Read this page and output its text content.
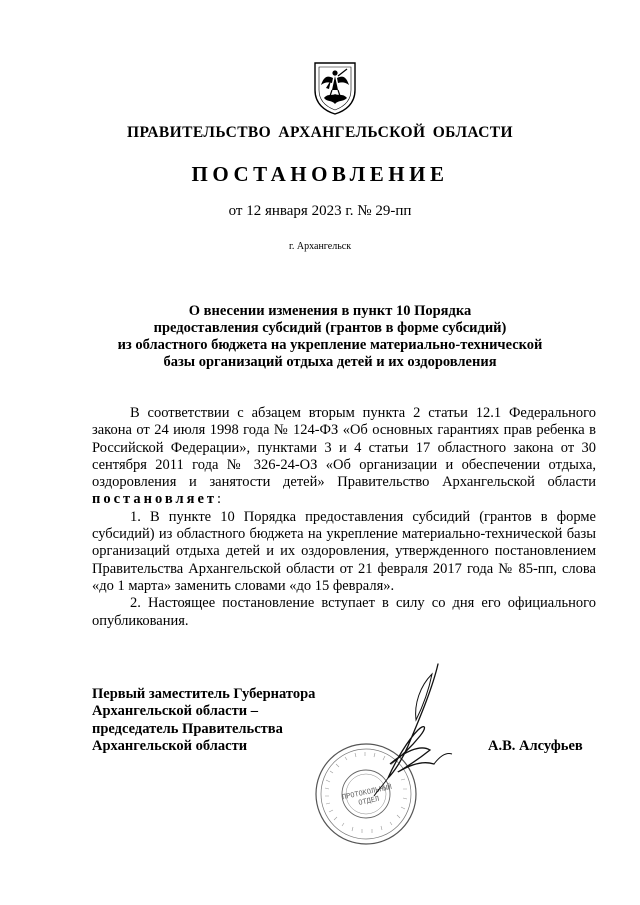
ПРАВИТЕЛЬСТВО АРХАНГЕЛЬСКОЙ ОБЛАСТИ
ПОСТАНОВЛЕНИЕ
от 12 января 2023 г. № 29-пп
г. Архангельск
О внесении изменения в пункт 10 Порядка
предоставления субсидий (грантов в форме субсидий)
из областного бюджета на укрепление материально-технической
базы организаций отдыха детей и их оздоровления

В соответствии с абзацем вторым пункта 2 статьи 12.1 Федерального закона от 24 июля 1998 года № 124-ФЗ «Об основных гарантиях прав ребенка в Российской Федерации», пунктами 3 и 4 статьи 17 областного закона от 30 сентября 2011 года № 326-24-ОЗ «Об организации и обеспечении отдыха, оздоровления и занятости детей» Правительство Архангельской области постановляет:

1. В пункте 10 Порядка предоставления субсидий (грантов в форме субсидий) из областного бюджета на укрепление материально-технической базы организаций отдыха детей и их оздоровления, утвержденного постановлением Правительства Архангельской области от 21 февраля 2017 года № 85-пп, слова «до 1 марта» заменить словами «до 15 февраля».

2. Настоящее постановление вступает в силу со дня его официального опубликования.

Первый заместитель Губернатора
Архангельской области –
председатель Правительства
Архангельской области	А.В. Алсуфьев
ПРОТОКОЛЬНЫЙ ОТДЕЛ
